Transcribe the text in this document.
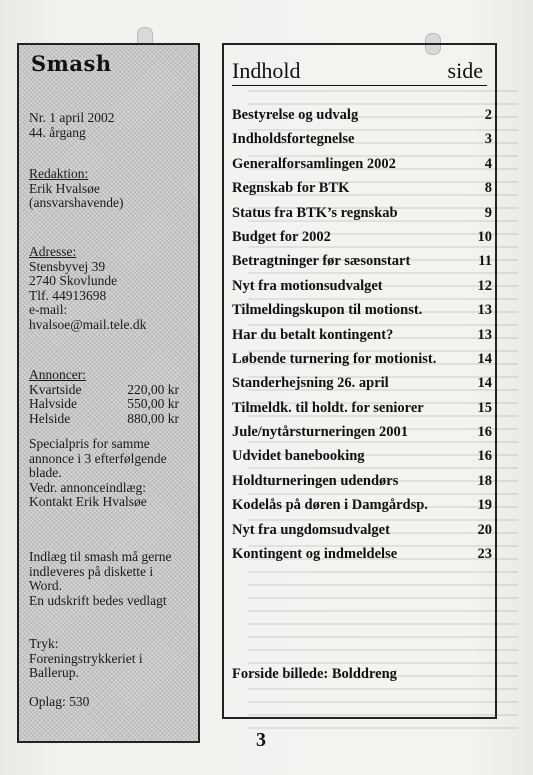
Smash
Nr. 1 april 2002
44. årgang
Redaktion:
Erik Hvalsøe
(ansvarshavende)
Adresse:
Stensbyvej 39
2740 Skovlunde
Tlf. 44913698
e-mail:
hvalsoe@mail.tele.dk
Annoncer:
Kvartside	220,00 kr
Halvside	550,00 kr
Helside	880,00 kr
Specialpris for samme
annonce i 3 efterfølgende
blade.
Vedr. annonceindlæg:
Kontakt Erik Hvalsøe
Indlæg til smash må gerne
indleveres på diskette i
Word.
En udskrift bedes vedlagt
Tryk:
Foreningstrykkeriet i
Ballerup.
Oplag: 530
Indhold	side
Bestyrelse og udvalg	2
Indholdsfortegnelse	3
Generalforsamlingen 2002	4
Regnskab for BTK	8
Status fra BTK’s regnskab	9
Budget for 2002	10
Betragtninger før sæsonstart	11
Nyt fra motionsudvalget	12
Tilmeldingskupon til motionst.	13
Har du betalt kontingent?	13
Løbende turnering for motionist.	14
Standerhejsning 26. april	14
Tilmeldk. til holdt. for seniorer	15
Jule/nytårsturneringen 2001	16
Udvidet banebooking	16
Holdturneringen udendørs	18
Kodelås på døren i Damgårdsp.	19
Nyt fra ungdomsudvalget	20
Kontingent og indmeldelse	23
Forside billede: Bolddreng
3
